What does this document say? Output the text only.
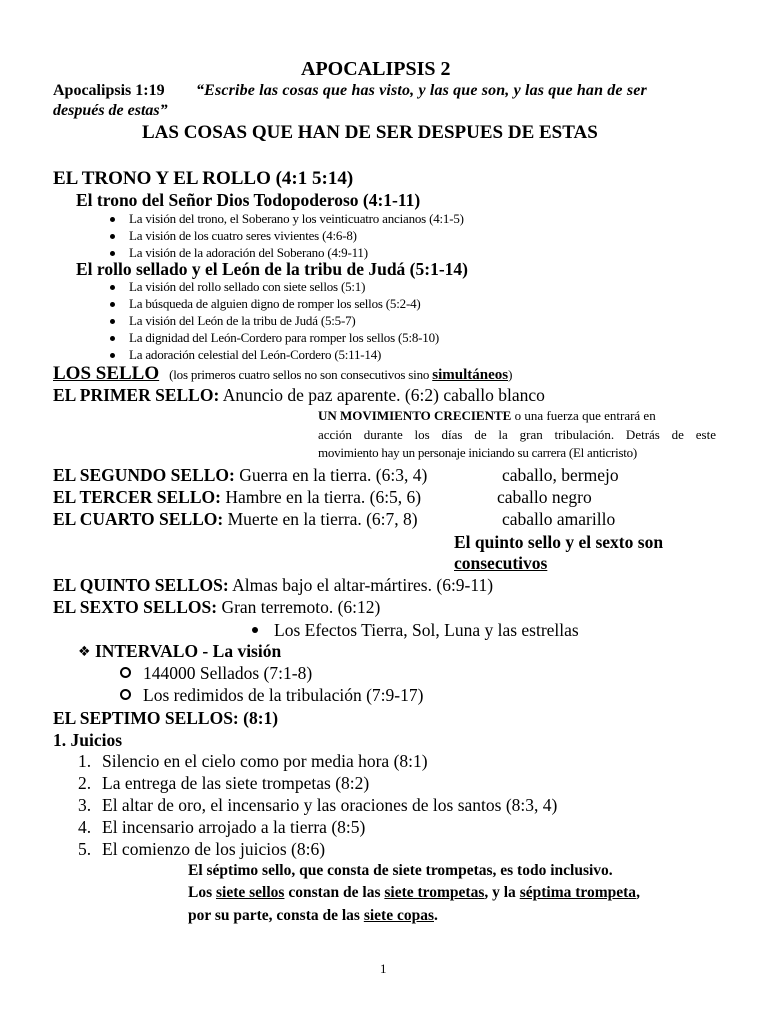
APOCALIPSIS 2
Apocalipsis 1:19 “Escribe las cosas que has visto, y las que son, y las que han de ser
después de estas”
LAS COSAS QUE HAN DE SER DESPUES DE ESTAS
EL TRONO Y EL ROLLO (4:1 5:14)
El trono del Señor Dios Todopoderoso (4:1-11)
La visión del trono, el Soberano y los veinticuatro ancianos (4:1-5)
La visión de los cuatro seres vivientes (4:6-8)
La visión de la adoración del Soberano (4:9-11)
El rollo sellado y el León de la tribu de Judá (5:1-14)
La visión del rollo sellado con siete sellos (5:1)
La búsqueda de alguien digno de romper los sellos (5:2-4)
La visión del León de la tribu de Judá (5:5-7)
La dignidad del León-Cordero para romper los sellos (5:8-10)
La adoración celestial del León-Cordero (5:11-14)
LOS SELLO (los primeros cuatro sellos no son consecutivos sino simultáneos)
EL PRIMER SELLO: Anuncio de paz aparente. (6:2) caballo blanco
UN MOVIMIENTO CRECIENTE o una fuerza que entrará en
acción durante los días de la gran tribulación. Detrás de este
movimiento hay un personaje iniciando su carrera (El anticristo)
EL SEGUNDO SELLO: Guerra en la tierra. (6:3, 4)	caballo, bermejo
EL TERCER SELLO: Hambre en la tierra. (6:5, 6)	caballo negro
EL CUARTO SELLO: Muerte en la tierra. (6:7, 8)	caballo amarillo
El quinto sello y el sexto son
consecutivos
EL QUINTO SELLOS: Almas bajo el altar-mártires. (6:9-11)
EL SEXTO SELLOS: Gran terremoto. (6:12)
Los Efectos Tierra, Sol, Luna y las estrellas
❖ INTERVALO - La visión
144000 Sellados (7:1-8)
Los redimidos de la tribulación (7:9-17)
EL SEPTIMO SELLOS: (8:1)
1. Juicios
1. Silencio en el cielo como por media hora (8:1)
2. La entrega de las siete trompetas (8:2)
3. El altar de oro, el incensario y las oraciones de los santos (8:3, 4)
4. El incensario arrojado a la tierra (8:5)
5. El comienzo de los juicios (8:6)
El séptimo sello, que consta de siete trompetas, es todo inclusivo.
Los siete sellos constan de las siete trompetas, y la séptima trompeta,
por su parte, consta de las siete copas.
1
